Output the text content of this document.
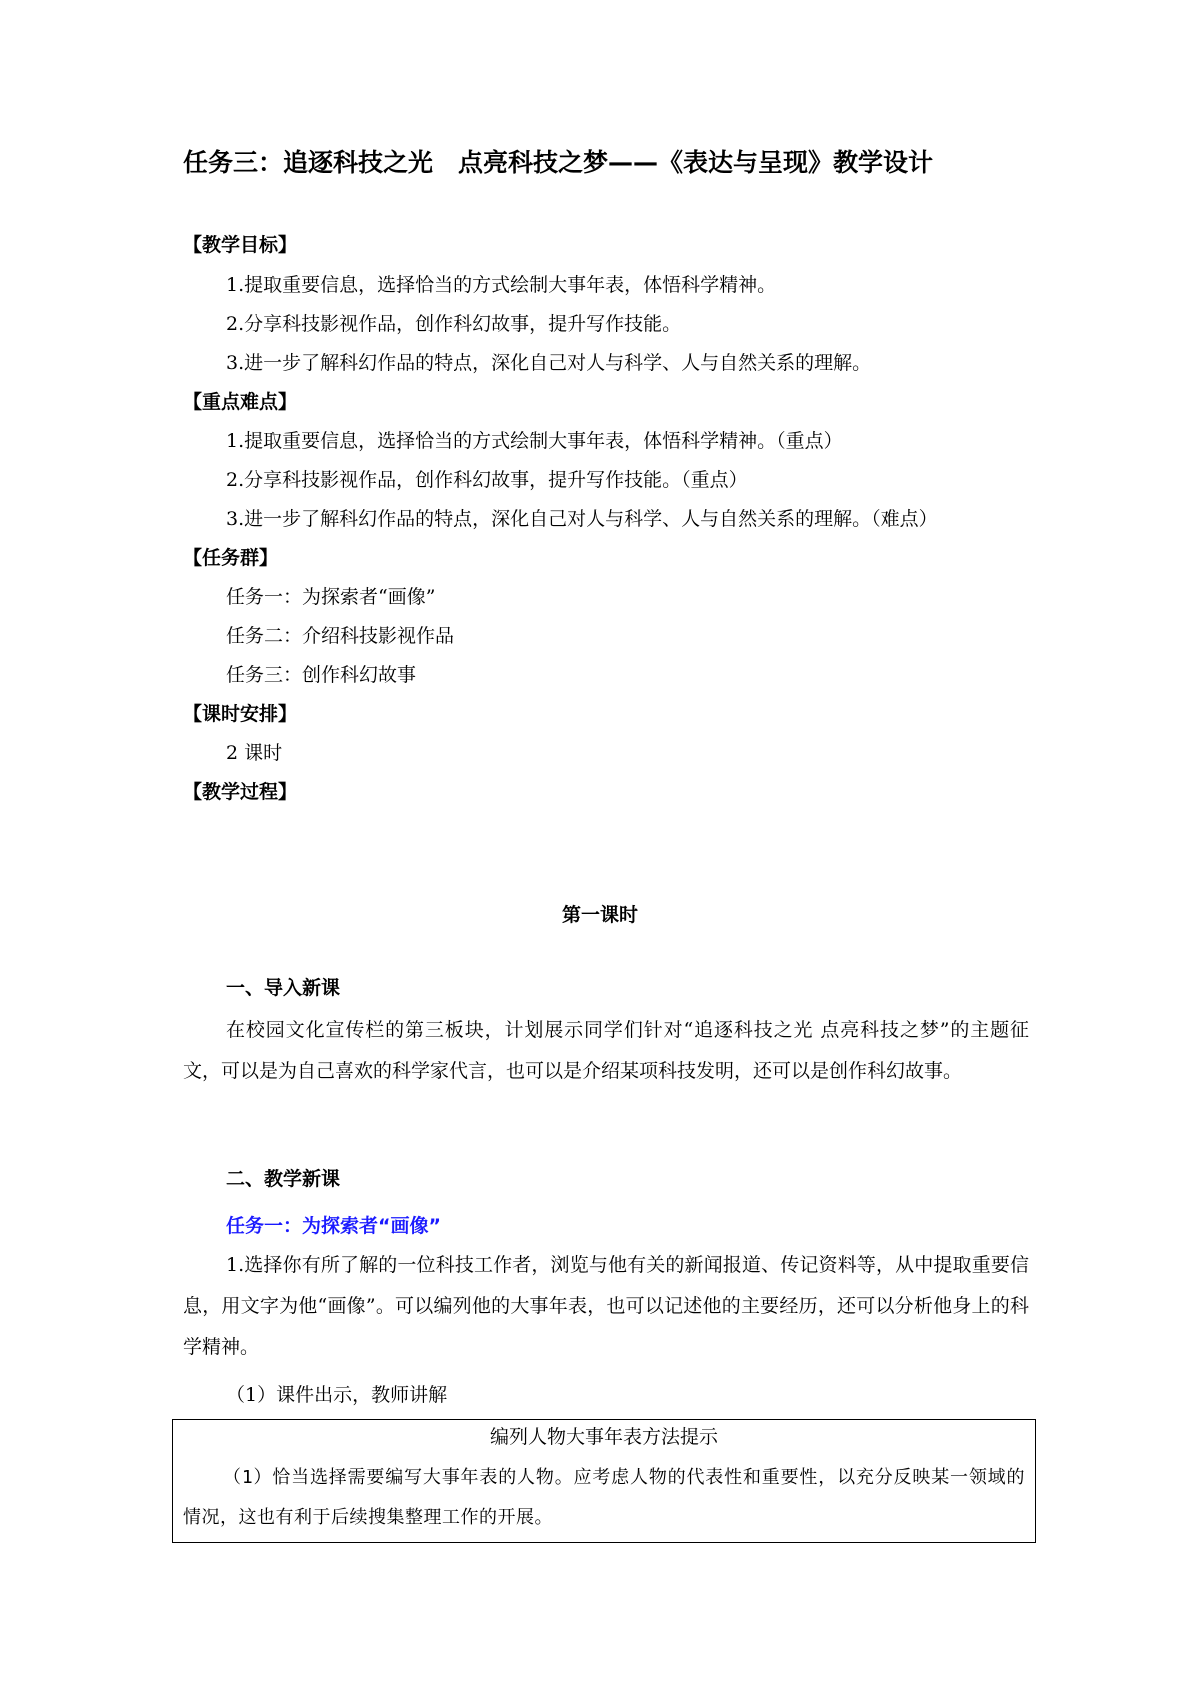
任务三：追逐科技之光　点亮科技之梦——《表达与呈现》教学设计
【教学目标】
1.提取重要信息，选择恰当的方式绘制大事年表，体悟科学精神。
2.分享科技影视作品，创作科幻故事，提升写作技能。
3.进一步了解科幻作品的特点，深化自己对人与科学、人与自然关系的理解。
【重点难点】
1.提取重要信息，选择恰当的方式绘制大事年表，体悟科学精神。（重点）
2.分享科技影视作品，创作科幻故事，提升写作技能。（重点）
3.进一步了解科幻作品的特点，深化自己对人与科学、人与自然关系的理解。（难点）
【任务群】
任务一：为探索者“画像”
任务二：介绍科技影视作品
任务三：创作科幻故事
【课时安排】
2 课时
【教学过程】
第一课时
一、导入新课
在校园文化宣传栏的第三板块，计划展示同学们针对“追逐科技之光 点亮科技之梦”的主题征文，可以是为自己喜欢的科学家代言，也可以是介绍某项科技发明，还可以是创作科幻故事。
二、教学新课
任务一：为探索者“画像”
1.选择你有所了解的一位科技工作者，浏览与他有关的新闻报道、传记资料等，从中提取重要信息，用文字为他“画像”。可以编列他的大事年表，也可以记述他的主要经历，还可以分析他身上的科学精神。
（1）课件出示，教师讲解
编列人物大事年表方法提示
（1）恰当选择需要编写大事年表的人物。应考虑人物的代表性和重要性，以充分反映某一领域的情况，这也有利于后续搜集整理工作的开展。
